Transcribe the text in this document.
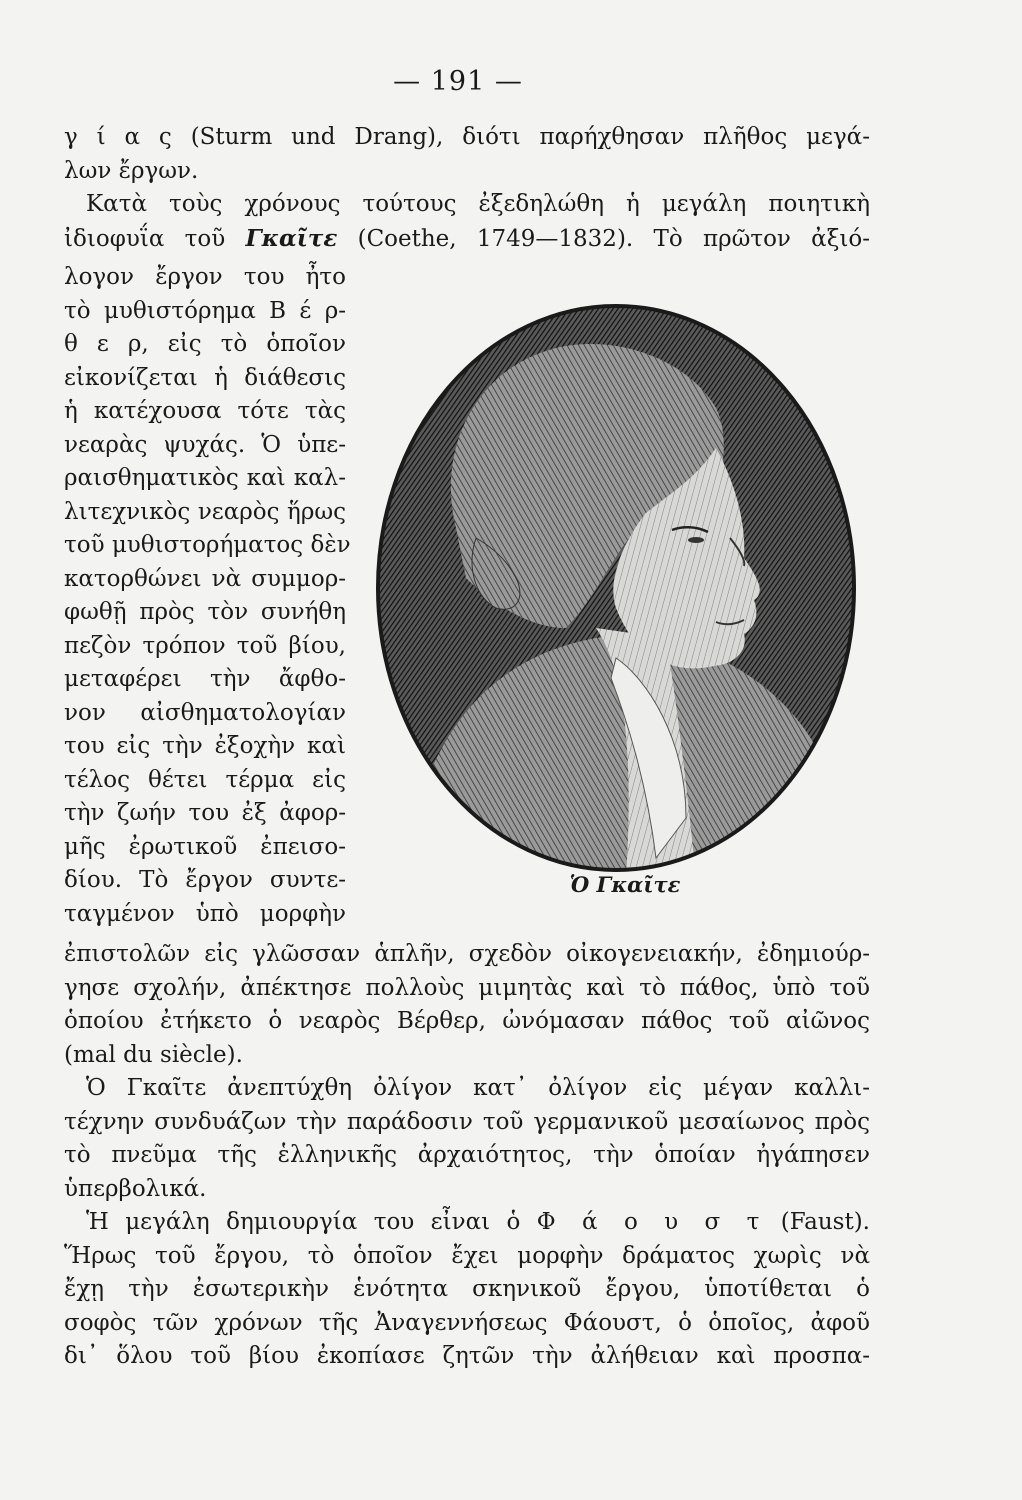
— 191 —
γ ί α ς (Sturm und Drang), διότι παρήχθησαν πλῆθος μεγά-
λων ἔργων.
Κατὰ τοὺς χρόνους τούτους ἐξεδηλώθη ἡ μεγάλη ποιητικὴ
ἰδιοφυΐα τοῦ Γκαῖτε (Coethe, 1749—1832). Τὸ πρῶτον ἀξιό-
λογον ἔργον του ἦτο
τὸ μυθιστόρημα Β έ ρ-
θ ε ρ, εἰς τὸ ὁποῖον
εἰκονίζεται ἡ διάθεσις
ἡ κατέχουσα τότε τὰς
νεαρὰς ψυχάς. Ὁ ὑπε-
ραισθηματικὸς καὶ καλ-
λιτεχνικὸς νεαρὸς ἥρως
τοῦ μυθιστορήματος δὲν
κατορθώνει νὰ συμμορ-
φωθῇ πρὸς τὸν συνήθη
πεζὸν τρόπον τοῦ βίου,
μεταφέρει τὴν ἄφθο-
νον αἰσθηματολογίαν
του εἰς τὴν ἐξοχὴν καὶ
τέλος θέτει τέρμα εἰς
τὴν ζωήν του ἐξ ἀφορ-
μῆς ἐρωτικοῦ ἐπεισο-
δίου. Τὸ ἔργον συντε-
ταγμένον ὑπὸ μορφὴν
Ὁ Γκαῖτε
ἐπιστολῶν εἰς γλῶσσαν ἁπλῆν, σχεδὸν οἰκογενειακήν, ἐδημιούρ-
γησε σχολήν, ἀπέκτησε πολλοὺς μιμητὰς καὶ τὸ πάθος, ὑπὸ τοῦ
ὁποίου ἐτήκετο ὁ νεαρὸς Βέρθερ, ὠνόμασαν πάθος τοῦ αἰῶνος
(mal du siècle).
Ὁ Γκαῖτε ἀνεπτύχθη ὀλίγον κατ᾽ ὀλίγον εἰς μέγαν καλλι-
τέχνην συνδυάζων τὴν παράδοσιν τοῦ γερμανικοῦ μεσαίωνος πρὸς
τὸ πνεῦμα τῆς ἑλληνικῆς ἀρχαιότητος, τὴν ὁποίαν ἠγάπησεν
ὑπερβολικά.
Ἡ μεγάλη δημιουργία του εἶναι ὁ Φ ά ο υ σ τ (Faust).
Ἥρως τοῦ ἔργου, τὸ ὁποῖον ἔχει μορφὴν δράματος χωρὶς νὰ
ἔχῃ τὴν ἐσωτερικὴν ἑνότητα σκηνικοῦ ἔργου, ὑποτίθεται ὁ
σοφὸς τῶν χρόνων τῆς Ἀναγεννήσεως Φάουστ, ὁ ὁποῖος, ἀφοῦ
δι᾽ ὅλου τοῦ βίου ἐκοπίασε ζητῶν τὴν ἀλήθειαν καὶ προσπα-
